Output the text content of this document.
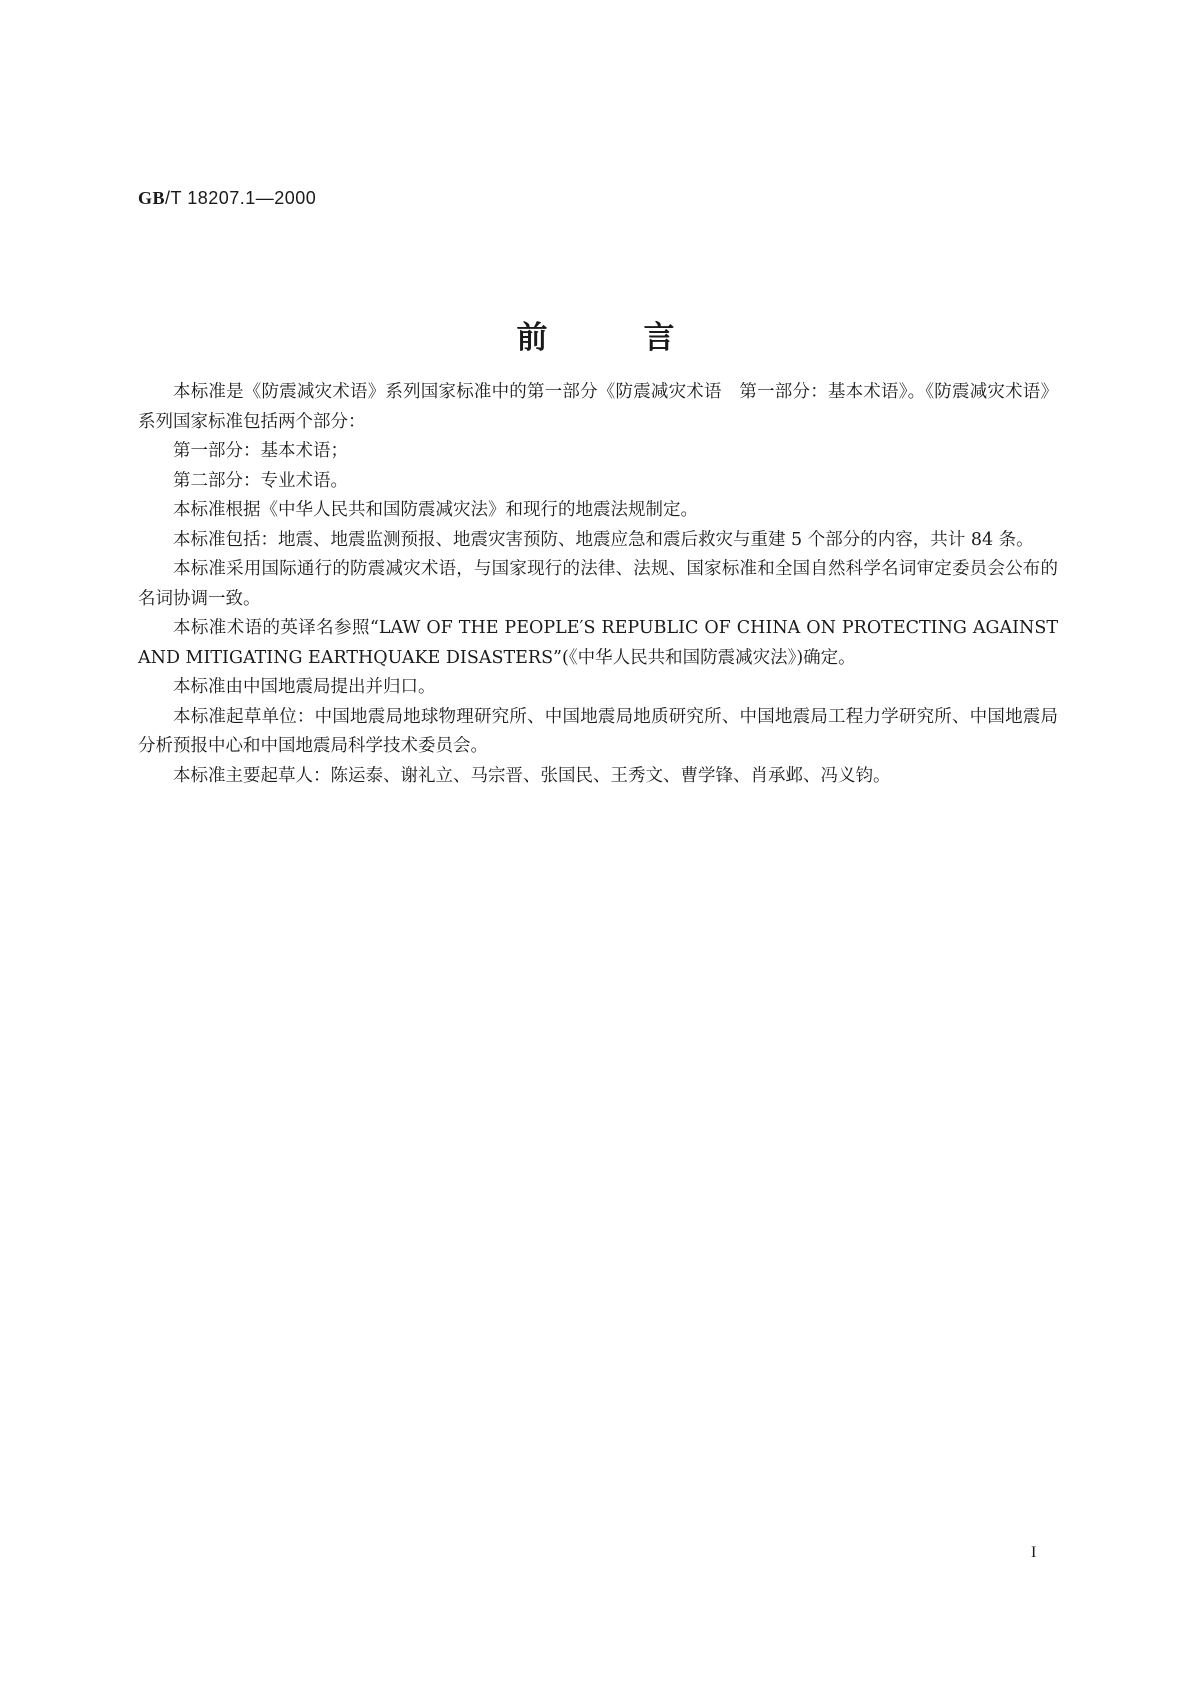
GB/T 18207.1—2000
前言

本标准是《防震减灾术语》系列国家标准中的第一部分《防震减灾术语　第一部分：基本术语》。《防震减灾术语》系列国家标准包括两个部分：

第一部分：基本术语；

第二部分：专业术语。

本标准根据《中华人民共和国防震减灾法》和现行的地震法规制定。

本标准包括：地震、地震监测预报、地震灾害预防、地震应急和震后救灾与重建 5 个部分的内容，共计 84 条。

本标准采用国际通行的防震减灾术语，与国家现行的法律、法规、国家标准和全国自然科学名词审定委员会公布的名词协调一致。

本标准术语的英译名参照“LAW OF THE PEOPLE′S REPUBLIC OF CHINA ON PROTECTING AGAINST AND MITIGATING EARTHQUAKE DISASTERS”(《中华人民共和国防震减灾法》)确定。

本标准由中国地震局提出并归口。

本标准起草单位：中国地震局地球物理研究所、中国地震局地质研究所、中国地震局工程力学研究所、中国地震局分析预报中心和中国地震局科学技术委员会。

本标准主要起草人：陈运泰、谢礼立、马宗晋、张国民、王秀文、曹学锋、肖承邺、冯义钧。

I
